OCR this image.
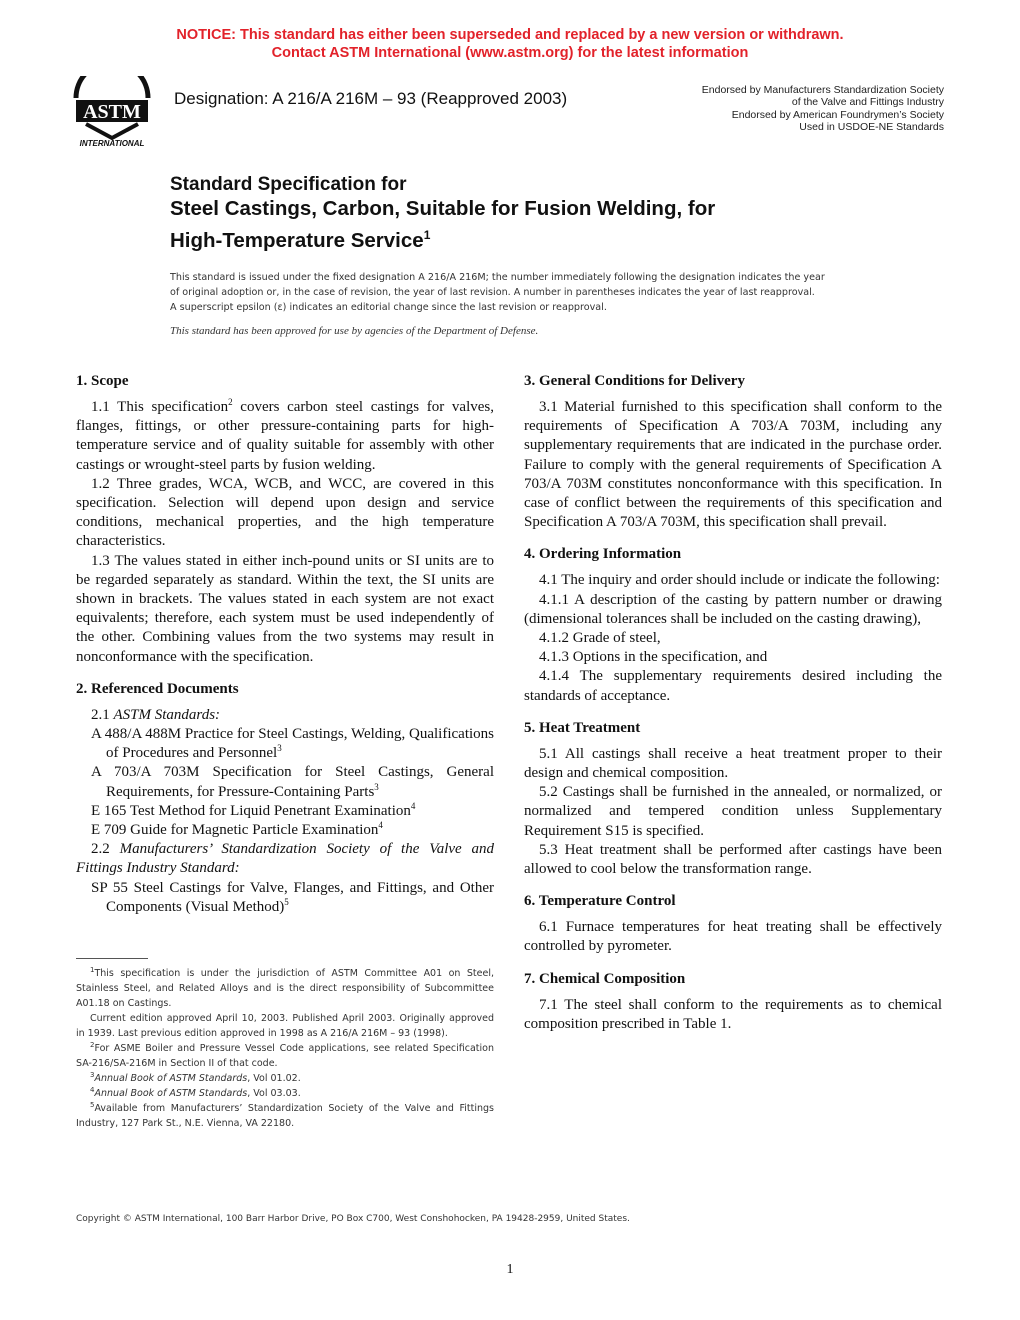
NOTICE: This standard has either been superseded and replaced by a new version or withdrawn.
Contact ASTM International (www.astm.org) for the latest information
ASTM
INTERNATIONAL
Designation: A 216/A 216M – 93 (Reapproved 2003)	Endorsed by Manufacturers Standardization Society
of the Valve and Fittings Industry
Endorsed by American Foundrymen’s Society
Used in USDOE-NE Standards
Standard Specification for
Steel Castings, Carbon, Suitable for Fusion Welding, for
High-Temperature Service$^1$
This standard is issued under the fixed designation A 216/A 216M; the number immediately following the designation indicates the year
of original adoption or, in the case of revision, the year of last revision. A number in parentheses indicates the year of last reapproval.
A superscript epsilon (ε) indicates an editorial change since the last revision or reapproval.
This standard has been approved for use by agencies of the Department of Defense.
1. Scope

1.1 This specification$^2$ covers carbon steel castings for valves, flanges, fittings, or other pressure-containing parts for high-temperature service and of quality suitable for assembly with other castings or wrought-steel parts by fusion welding.

1.2 Three grades, WCA, WCB, and WCC, are covered in this specification. Selection will depend upon design and service conditions, mechanical properties, and the high temperature characteristics.

1.3 The values stated in either inch-pound units or SI units are to be regarded separately as standard. Within the text, the SI units are shown in brackets. The values stated in each system are not exact equivalents; therefore, each system must be used independently of the other. Combining values from the two systems may result in nonconformance with the specification.

2. Referenced Documents

2.1 ASTM Standards:

A 488/A 488M Practice for Steel Castings, Welding, Qualifications of Procedures and Personnel$^3$

A 703/A 703M Specification for Steel Castings, General Requirements, for Pressure-Containing Parts$^3$

E 165 Test Method for Liquid Penetrant Examination$^4$

E 709 Guide for Magnetic Particle Examination$^4$

2.2 Manufacturers’ Standardization Society of the Valve and Fittings Industry Standard:

SP 55 Steel Castings for Valve, Flanges, and Fittings, and Other Components (Visual Method)$^5$

$^1$This specification is under the jurisdiction of ASTM Committee A01 on Steel, Stainless Steel, and Related Alloys and is the direct responsibility of Subcommittee A01.18 on Castings.

Current edition approved April 10, 2003. Published April 2003. Originally approved in 1939. Last previous edition approved in 1998 as A 216/A 216M – 93 (1998).

$^2$For ASME Boiler and Pressure Vessel Code applications, see related Specification SA-216/SA-216M in Section II of that code.

$^3$Annual Book of ASTM Standards, Vol 01.02.

$^4$Annual Book of ASTM Standards, Vol 03.03.

$^5$Available from Manufacturers’ Standardization Society of the Valve and Fittings Industry, 127 Park St., N.E. Vienna, VA 22180.

3. General Conditions for Delivery

3.1 Material furnished to this specification shall conform to the requirements of Specification A 703/A 703M, including any supplementary requirements that are indicated in the purchase order. Failure to comply with the general requirements of Specification A 703/A 703M constitutes nonconformance with this specification. In case of conflict between the requirements of this specification and Specification A 703/A 703M, this specification shall prevail.

4. Ordering Information

4.1 The inquiry and order should include or indicate the following:

4.1.1 A description of the casting by pattern number or drawing (dimensional tolerances shall be included on the casting drawing),

4.1.2 Grade of steel,

4.1.3 Options in the specification, and

4.1.4 The supplementary requirements desired including the standards of acceptance.

5. Heat Treatment

5.1 All castings shall receive a heat treatment proper to their design and chemical composition.

5.2 Castings shall be furnished in the annealed, or normalized, or normalized and tempered condition unless Supplementary Requirement S15 is specified.

5.3 Heat treatment shall be performed after castings have been allowed to cool below the transformation range.

6. Temperature Control

6.1 Furnace temperatures for heat treating shall be effectively controlled by pyrometer.

7. Chemical Composition

7.1 The steel shall conform to the requirements as to chemical composition prescribed in Table 1.

Copyright © ASTM International, 100 Barr Harbor Drive, PO Box C700, West Conshohocken, PA 19428-2959, United States.
1
